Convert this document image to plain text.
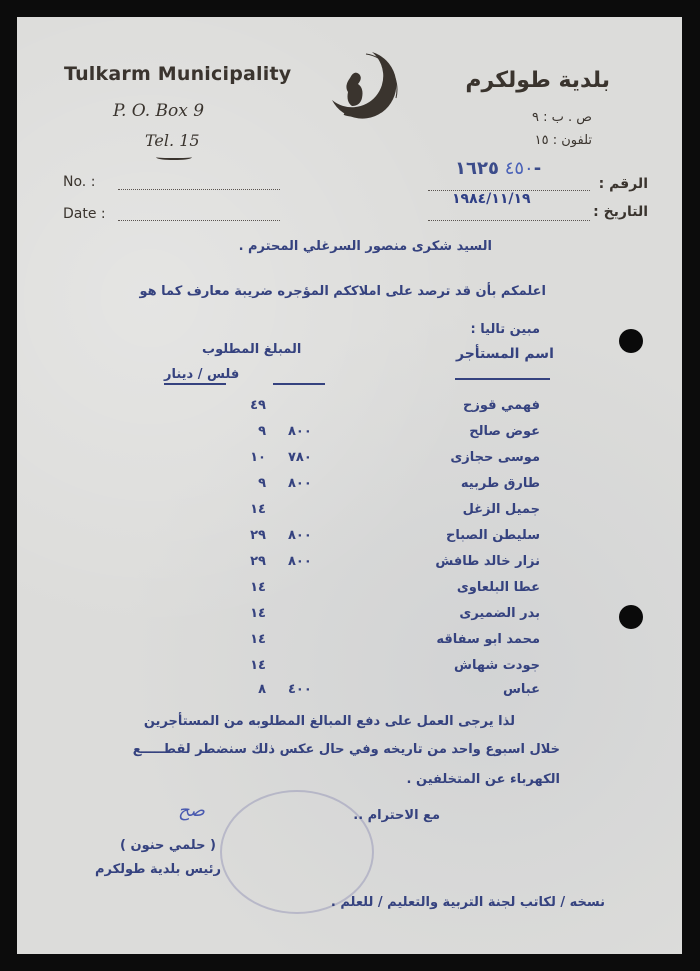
Tulkarm Municipality
P. O. Box 9
Tel. 15
No. :
Date :
بلدية طولكرم
ص . ب : ٩
تلفون : ١٥
الرقم :
التاريخ :
٤٥٠ ١٦٢٥-
١٩٨٤/١١/١٩
السيد شكرى منصور السرغلي المحترم .
اعلمكم بأن قد ترصد على املاككم المؤجره ضريبة معارف كما هو
مبين تاليا :
المبلغ المطلوب
فلس / دينار
اسم المستأجر
٤٩	فهمي قوزح
٩ ٨٠٠	عوض صالح
١٠ ٧٨٠	موسى حجازى
٩ ٨٠٠	طارق طربيه
١٤	جميل الزغل
٢٩ ٨٠٠	سليطن الصباح
٢٩ ٨٠٠	نزار خالد طافش
١٤	عطا البلعاوى
١٤	بدر الضميرى
١٤	محمد ابو سفاقه
١٤	جودت شهاش
٨ ٤٠٠	عباس
لذا يرجى العمل على دفع المبالغ المطلوبه من المستأجرين
خلال اسبوع واحد من تاريخه وفي حال عكس ذلك سنضطر لقطـــــع
الكهرباء عن المتخلفين .
صح	مع الاحترام ..
( حلمي حنون )
رئيس بلدية طولكرم
نسخه / لكاتب لجنة التربية والتعليم / للعلم .
